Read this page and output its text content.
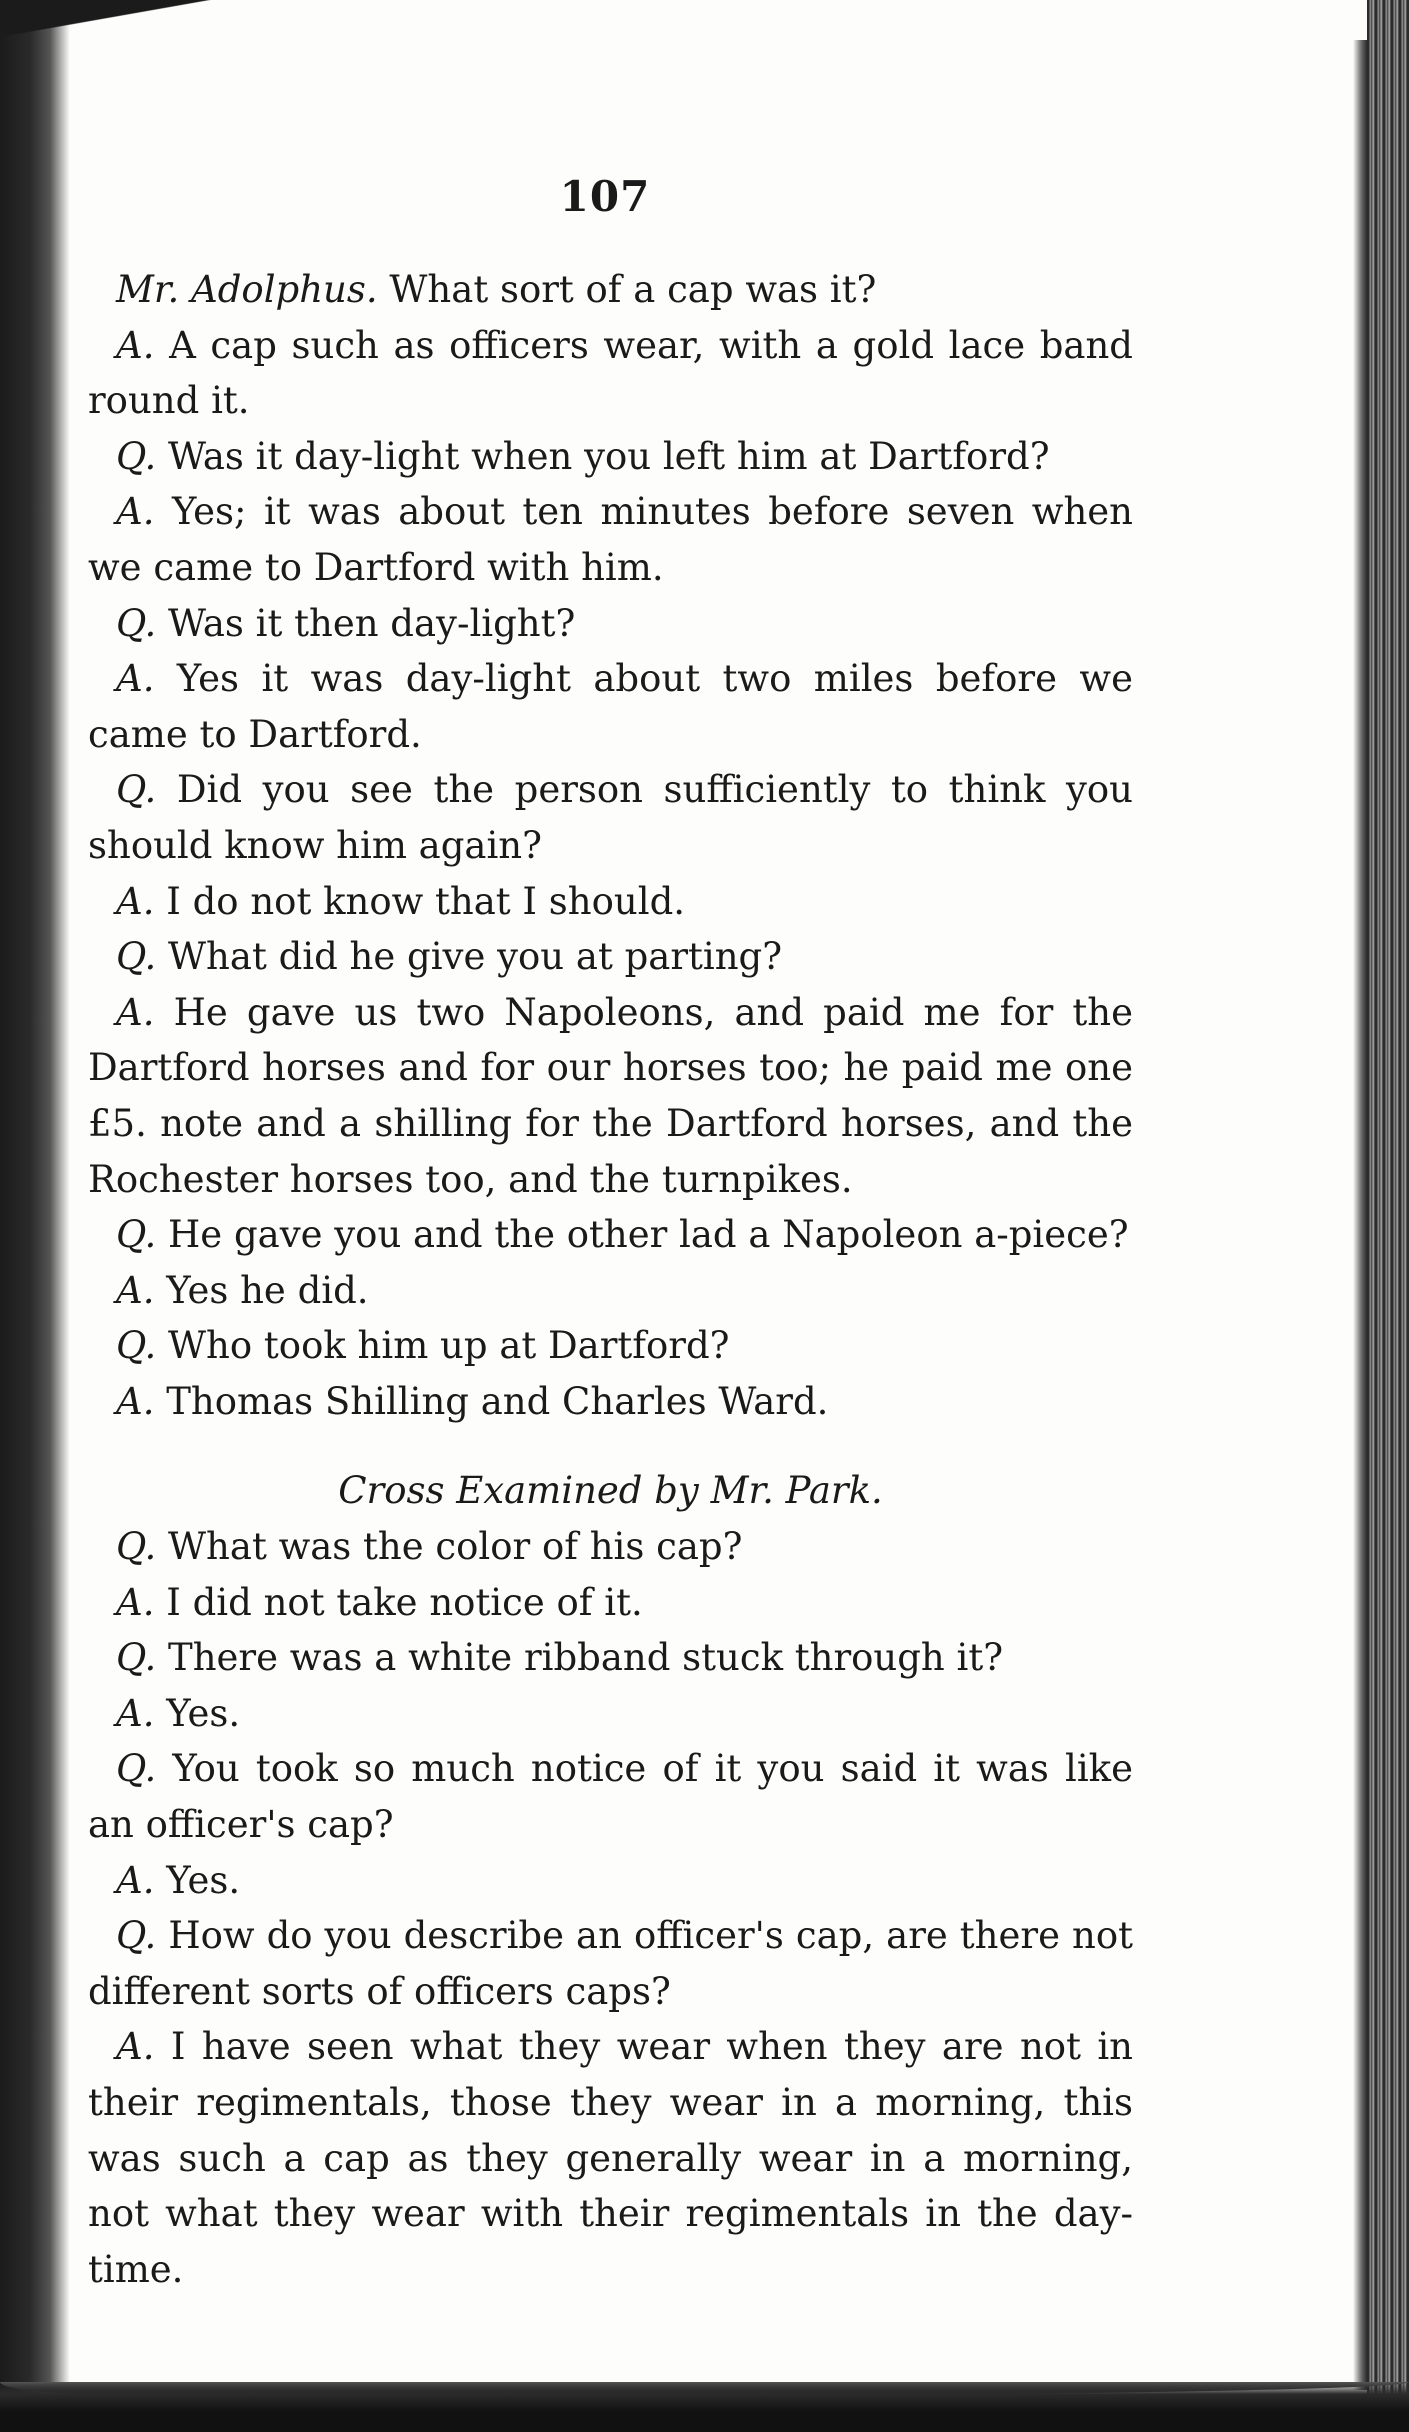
107

Mr. Adolphus. What sort of a cap was it?

A. A cap such as officers wear, with a gold lace band round it.

Q. Was it day-light when you left him at Dartford?

A. Yes; it was about ten minutes before seven when we came to Dartford with him.

Q. Was it then day-light?

A. Yes it was day-light about two miles before we came to Dartford.

Q. Did you see the person sufficiently to think you should know him again?

A. I do not know that I should.

Q. What did he give you at parting?

A. He gave us two Napoleons, and paid me for the Dartford horses and for our horses too; he paid me one £5. note and a shilling for the Dartford horses, and the Rochester horses too, and the turnpikes.

Q. He gave you and the other lad a Napoleon a-piece?

A. Yes he did.

Q. Who took him up at Dartford?

A. Thomas Shilling and Charles Ward.

Cross Examined by Mr. Park.

Q. What was the color of his cap?

A. I did not take notice of it.

Q. There was a white ribband stuck through it?

A. Yes.

Q. You took so much notice of it you said it was like an officer's cap?

A. Yes.

Q. How do you describe an officer's cap, are there not different sorts of officers caps?

A. I have seen what they wear when they are not in their regimentals, those they wear in a morning, this was such a cap as they generally wear in a morning, not what they wear with their regimentals in the day-time.
